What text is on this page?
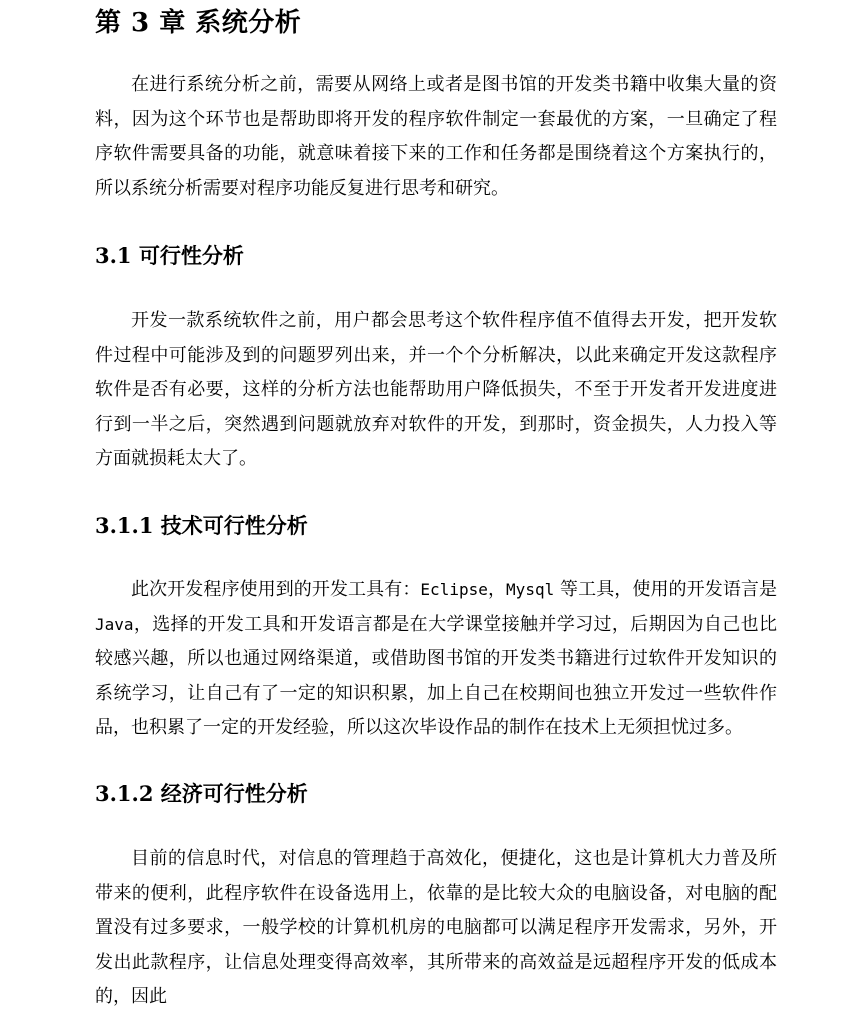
第 3 章 系统分析

在进行系统分析之前，需要从网络上或者是图书馆的开发类书籍中收集大量的资料，因为这个环节也是帮助即将开发的程序软件制定一套最优的方案，一旦确定了程序软件需要具备的功能，就意味着接下来的工作和任务都是围绕着这个方案执行的，所以系统分析需要对程序功能反复进行思考和研究。

3.1 可行性分析

开发一款系统软件之前，用户都会思考这个软件程序值不值得去开发，把开发软件过程中可能涉及到的问题罗列出来，并一个个分析解决，以此来确定开发这款程序软件是否有必要，这样的分析方法也能帮助用户降低损失，不至于开发者开发进度进行到一半之后，突然遇到问题就放弃对软件的开发，到那时，资金损失，人力投入等方面就损耗太大了。

3.1.1 技术可行性分析

此次开发程序使用到的开发工具有：Eclipse，Mysql 等工具，使用的开发语言是 Java，选择的开发工具和开发语言都是在大学课堂接触并学习过，后期因为自己也比较感兴趣，所以也通过网络渠道，或借助图书馆的开发类书籍进行过软件开发知识的系统学习，让自己有了一定的知识积累，加上自己在校期间也独立开发过一些软件作品，也积累了一定的开发经验，所以这次毕设作品的制作在技术上无须担忧过多。

3.1.2 经济可行性分析

目前的信息时代，对信息的管理趋于高效化，便捷化，这也是计算机大力普及所带来的便利，此程序软件在设备选用上，依靠的是比较大众的电脑设备，对电脑的配置没有过多要求，一般学校的计算机机房的电脑都可以满足程序开发需求，另外，开发出此款程序，让信息处理变得高效率，其所带来的高效益是远超程序开发的低成本的，因此
